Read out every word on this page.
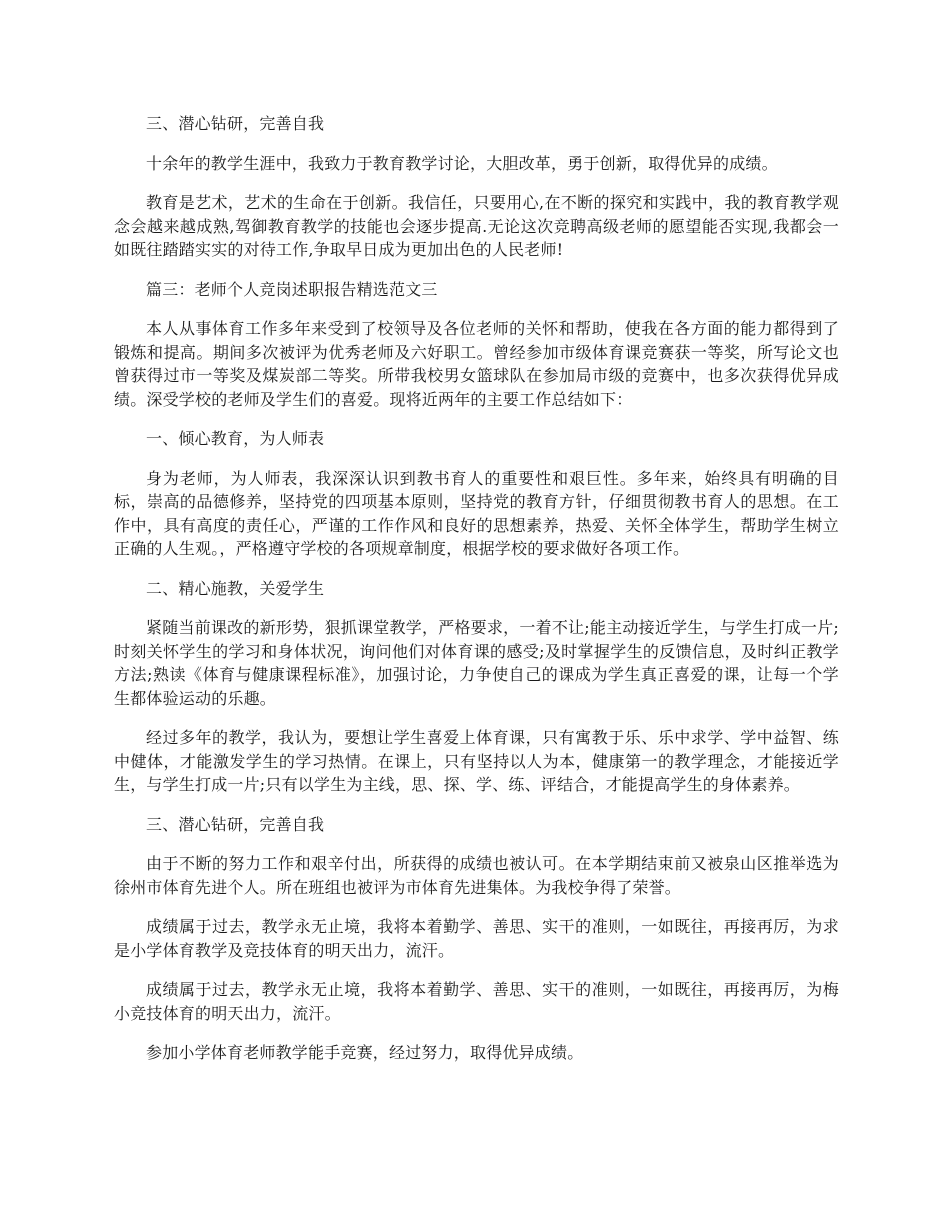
三、潜心钻研，完善自我

十余年的教学生涯中，我致力于教育教学讨论，大胆改革，勇于创新，取得优异的成绩。

教育是艺术，艺术的生命在于创新。我信任，只要用心,在不断的探究和实践中，我的教育教学观念会越来越成熟,驾御教育教学的技能也会逐步提高.无论这次竞聘高级老师的愿望能否实现,我都会一如既往踏踏实实的对待工作,争取早日成为更加出色的人民老师!

篇三：老师个人竞岗述职报告精选范文三

本人从事体育工作多年来受到了校领导及各位老师的关怀和帮助，使我在各方面的能力都得到了锻炼和提高。期间多次被评为优秀老师及六好职工。曾经参加市级体育课竞赛获一等奖，所写论文也曾获得过市一等奖及煤炭部二等奖。所带我校男女篮球队在参加局市级的竞赛中，也多次获得优异成绩。深受学校的老师及学生们的喜爱。现将近两年的主要工作总结如下：

一、倾心教育，为人师表

身为老师，为人师表，我深深认识到教书育人的重要性和艰巨性。多年来，始终具有明确的目标，崇高的品德修养，坚持党的四项基本原则，坚持党的教育方针，仔细贯彻教书育人的思想。在工作中，具有高度的责任心，严谨的工作作风和良好的思想素养，热爱、关怀全体学生，帮助学生树立正确的人生观。，严格遵守学校的各项规章制度，根据学校的要求做好各项工作。

二、精心施教，关爱学生

紧随当前课改的新形势，狠抓课堂教学，严格要求，一着不让;能主动接近学生，与学生打成一片;时刻关怀学生的学习和身体状况，询问他们对体育课的感受;及时掌握学生的反馈信息，及时纠正教学方法;熟读《体育与健康课程标准》，加强讨论，力争使自己的课成为学生真正喜爱的课，让每一个学生都体验运动的乐趣。

经过多年的教学，我认为，要想让学生喜爱上体育课，只有寓教于乐、乐中求学、学中益智、练中健体，才能激发学生的学习热情。在课上，只有坚持以人为本，健康第一的教学理念，才能接近学生，与学生打成一片;只有以学生为主线，思、探、学、练、评结合，才能提高学生的身体素养。

三、潜心钻研，完善自我

由于不断的努力工作和艰辛付出，所获得的成绩也被认可。在本学期结束前又被泉山区推举选为徐州市体育先进个人。所在班组也被评为市体育先进集体。为我校争得了荣誉。

成绩属于过去，教学永无止境，我将本着勤学、善思、实干的准则，一如既往，再接再厉，为求是小学体育教学及竞技体育的明天出力，流汗。

成绩属于过去，教学永无止境，我将本着勤学、善思、实干的准则，一如既往，再接再厉，为梅小竞技体育的明天出力，流汗。

参加小学体育老师教学能手竞赛，经过努力，取得优异成绩。
